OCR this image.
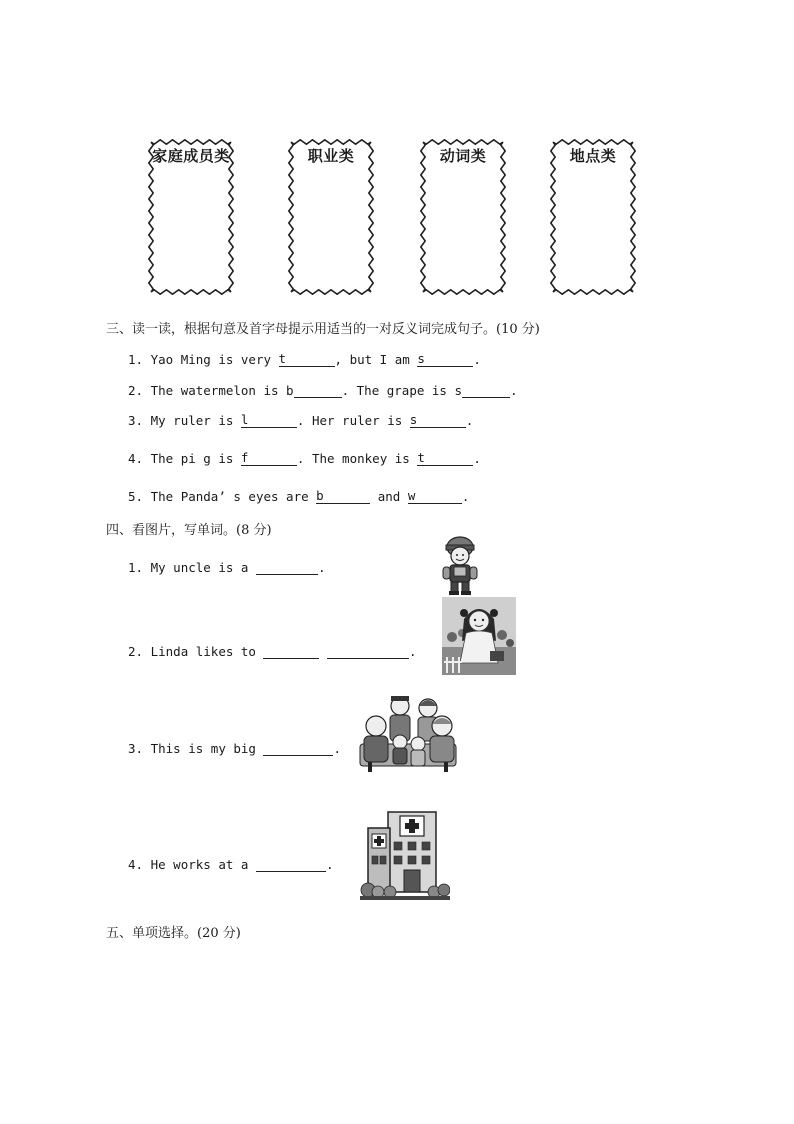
家庭成员类	职业类	动词类	地点类
三、读一读，根据句意及首字母提示用适当的一对反义词完成句子。(10 分)
1. Yao Ming is very t	, but I am s	.
2. The watermelon is b	. The grape is s	.
3. My ruler is l	. Her ruler is s	.
4. The pi g is f	. The monkey is t	.
5. The Panda’ s eyes are b	and w	.
四、看图片，写单词。(8 分)
1. My uncle is a	.
2. Linda likes to	.
3. This is my big	.
4. He works at a	.
五、单项选择。(20 分)
